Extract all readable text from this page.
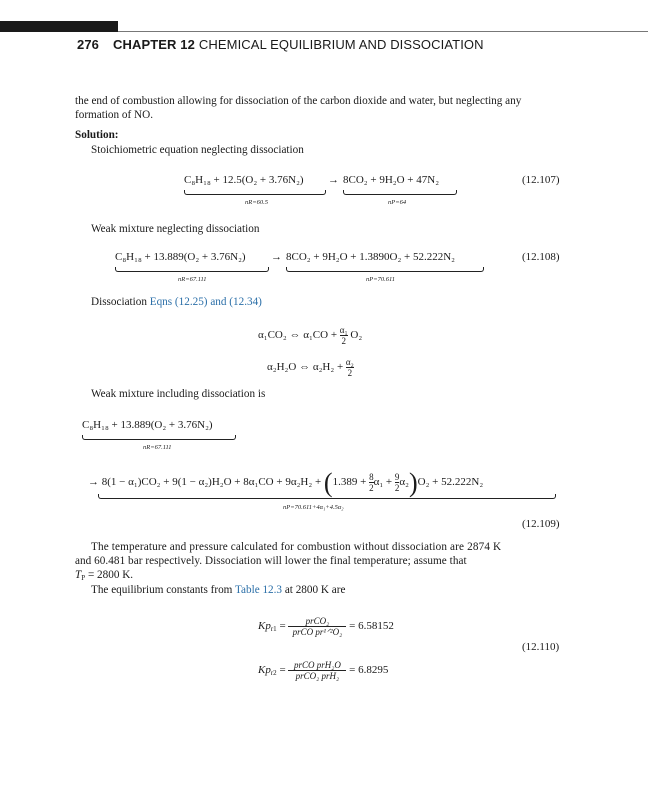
276 CHAPTER 12 CHEMICAL EQUILIBRIUM AND DISSOCIATION
the end of combustion allowing for dissociation of the carbon dioxide and water, but neglecting any
formation of NO.
Solution:
Stoichiometric equation neglecting dissociation
C₈H₁₈ + 12.5(O₂ + 3.76N₂) → 8CO₂ + 9H₂O + 47N₂	(12.107)
nR=60.5	nP=64
Weak mixture neglecting dissociation
C₈H₁₈ + 13.889(O₂ + 3.76N₂) → 8CO₂ + 9H₂O + 1.3890O₂ + 52.222N₂	(12.108)
nR=67.111	nP=70.611
Dissociation Eqns (12.25) and (12.34)
α₁CO₂ ⇔ $\alpha_1CO + \frac{\text{α₁}}{2} O_2$
α₂H₂O ⇔ $\alpha_2H_2 + \frac{\text{α₂}}{2}$
Weak mixture including dissociation is
C₈H₁₈ + 13.889(O₂ + 3.76N₂)
nR=67.111
→ $8(1 - \alpha_1)CO_2 + 9(1 - \alpha_2)H_2O + 8\alpha_1CO + 9\alpha_2H_2 + (1.389 + \frac{8}{2} \alpha_1 + \frac{9}{2} \alpha_2)O_2 + 52.222N_2$
nP=70.611+4α₁+4.5α₂
(12.109)
The temperature and pressure calculated for combustion without dissociation are 2874 K
and 60.481 bar respectively. Dissociation will lower the final temperature; assume that
$T_P = 2800$ K.
The equilibrium constants from Table 12.3 at 2800 K are
$Kp_{r1} = \frac{\text{prCO₂}}{\text{prCO pr¹ᐟ²O₂}} = 6.58152$
(12.110)
$Kp_{r2} = \frac{\text{prCO prH₂O}}{\text{prCO₂ prH₂}} = 6.8295$
